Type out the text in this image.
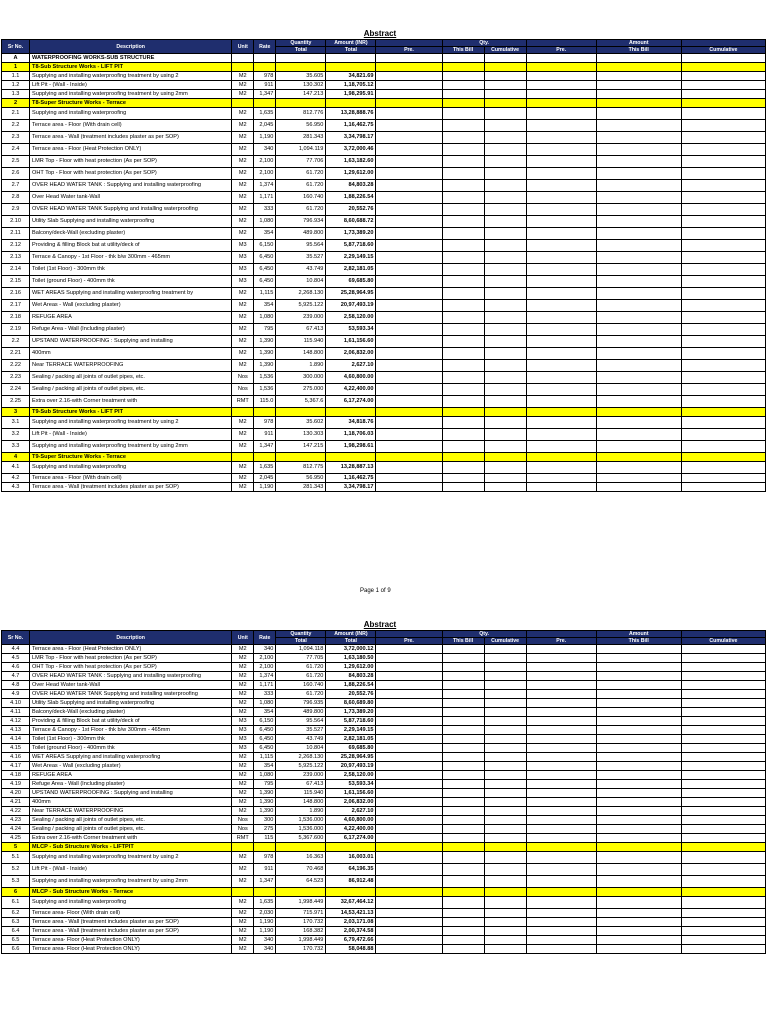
Abstract
Sr No.	Description	Unit	Rate	Quantity	Amount (INR)		Qty.			Amount	
				Total	Total	Pre.	This Bill	Cumulative	Pre.	This Bill	Cumulative
A	WATERPROOFING WORKS-SUB STRUCTURE										
1	T8-Sub Structure Works - LIFT PIT										
1.1	Supplying and installing waterproofing treatment by using 2	M2	978	35.605	34,821.69						
1.2	Lift Pit - (Wall - Inside)	M2	911	130.302	1,18,705.12						
1.3	Supplying and installing waterproofing treatment by using 2mm	M2	1,347	147.213	1,98,295.91						
2	T8-Super Structure Works - Terrace										
2.1	Supplying and installing waterproofing	M2	1,635	812.776	13,28,888.76						
2.2	Terrace area - Floor (With drain cell)	M2	2,045	56.950	1,16,462.75						
2.3	Terrace area - Wall (treatment includes plaster as per SOP)	M2	1,190	281.343	3,34,798.17						
2.4	Terrace area - Floor (Heat Protection ONLY)	M2	340	1,094.119	3,72,000.46						
2.5	LMR Top - Floor with heat protection (As per SOP)	M2	2,100	77.706	1,63,182.60						
2.6	OHT Top - Floor with heat protection (As per SOP)	M2	2,100	61.720	1,29,612.00						
2.7	OVER HEAD WATER TANK : Supplying and installing waterproofing	M2	1,374	61.720	84,803.28						
2.8	Over Head Water tank-Wall	M2	1,171	160.740	1,88,226.54						
2.9	OVER HEAD WATER TANK Supplying and installing waterproofing	M2	333	61.720	20,552.76						
2.10	Utility Slab Supplying and installing waterproofing	M2	1,080	796.934	8,60,688.72						
2.11	Balcony/deck-Wall (excluding plaster)	M2	354	489.800	1,73,389.20						
2.12	Providing & filling Block bat at utility/deck of	M3	6,150	95.564	5,87,718.60						
2.13	Terrace & Canopy - 1st Floor - thk b/w 300mm - 465mm	M3	6,450	35.527	2,29,149.15						
2.14	Toilet (1st Floor) - 300mm thk	M3	6,450	43.749	2,82,181.05						
2.15	Toilet (ground Floor) - 400mm thk	M3	6,450	10.804	69,685.80						
2.16	WET AREAS Supplying and installing waterproofing treatment by	M2	1,115	2,268.130	25,28,964.95						
2.17	Wet Areas - Wall (excluding plaster)	M2	354	5,925.122	20,97,493.19						
2.18	REFUGE AREA	M2	1,080	239.000	2,58,120.00						
2.19	Refuge Area - Wall (Including plaster)	M2	795	67.413	53,593.34						
2.2	UPSTAND WATERPROOFING : Supplying and installing	M2	1,390	115.940	1,61,156.60						
2.21	400mm	M2	1,390	148.800	2,06,832.00						
2.22	Near TERRACE WATERPROOFING	M2	1,390	1.890	2,627.10						
2.23	Sealing / packing all joints of outlet pipes, etc.	Nos	1,536	300.000	4,60,800.00						
2.24	Sealing / packing all joints of outlet pipes, etc.	Nos	1,536	275.000	4,22,400.00						
2.25	Extra over 2.16-with Corner treatment with	RMT	115.0	5,367.6	6,17,274.00						
3	T9-Sub Structure Works - LIFT PIT										
3.1	Supplying and installing waterproofing treatment by using 2	M2	978	35.602	34,818.76						
3.2	Lift Pit - (Wall - Inside)	M2	911	130.303	1,18,706.03						
3.3	Supplying and installing waterproofing treatment by using 2mm	M2	1,347	147.215	1,98,298.61						
4	T9-Super Structure Works - Terrace										
4.1	Supplying and installing waterproofing	M2	1,635	812.775	13,28,887.13						
4.2	Terrace area - Floor (With drain cell)	M2	2,045	56.950	1,16,462.75						
4.3	Terrace area - Wall (treatment includes plaster as per SOP)	M2	1,190	281.343	3,34,798.17						
Page 1 of 9
Abstract
Sr No.	Description	Unit	Rate	Quantity	Amount (INR)		Qty.			Amount	
				Total	Total	Pre.	This Bill	Cumulative	Pre.	This Bill	Cumulative
4.4	Terrace area - Floor (Heat Protection ONLY)	M2	340	1,094.118	3,72,000.12						
4.5	LMR Top - Floor with heat protection (As per SOP)	M2	2,100	77.705	1,63,180.50						
4.6	OHT Top - Floor with heat protection (As per SOP)	M2	2,100	61.720	1,29,612.00						
4.7	OVER HEAD WATER TANK : Supplying and installing waterproofing	M2	1,374	61.720	84,803.28						
4.8	Over Head Water tank-Wall	M2	1,171	160.740	1,88,226.54						
4.9	OVER HEAD WATER TANK Supplying and installing waterproofing	M2	333	61.720	20,552.76						
4.10	Utility Slab Supplying and installing waterproofing	M2	1,080	796.935	8,60,689.80						
4.11	Balcony/deck-Wall (excluding plaster)	M2	354	489.800	1,73,389.20						
4.12	Providing & filling Block bat at utility/deck of	M3	6,150	95.564	5,87,718.60						
4.13	Terrace & Canopy - 1st Floor - thk b/w 300mm - 465mm	M3	6,450	35.527	2,29,149.15						
4.14	Toilet (1st Floor) - 300mm thk	M3	6,450	43.749	2,82,181.05						
4.15	Toilet (ground Floor) - 400mm thk	M3	6,450	10.804	69,685.80						
4.16	WET AREAS Supplying and installing waterproofing	M2	1,115	2,268.130	25,28,964.95						
4.17	Wet Areas - Wall (excluding plaster)	M2	354	5,925.122	20,97,493.19						
4.18	REFUGE AREA	M2	1,080	239.000	2,58,120.00						
4.19	Refuge Area - Wall (Including plaster)	M2	795	67.413	53,593.34						
4.20	UPSTAND WATERPROOFING : Supplying and installing	M2	1,390	115.940	1,61,156.60						
4.21	400mm	M2	1,390	148.800	2,06,832.00						
4.22	Near TERRACE WATERPROOFING	M2	1,390	1.890	2,627.10						
4.23	Sealing / packing all joints of outlet pipes, etc.	Nos	300	1,536.000	4,60,800.00						
4.24	Sealing / packing all joints of outlet pipes, etc.	Nos	275	1,536.000	4,22,400.00						
4.25	Extra over 2.16-with Corner treatment with	RMT	115	5,367.600	6,17,274.00						
5	MLCP - Sub Structure Works - LIFTPIT										
5.1	Supplying and installing waterproofing treatment by using 2	M2	978	16.363	16,003.01						
5.2	Lift Pit - (Wall - Inside)	M2	911	70.468	64,196.35						
5.3	Supplying and installing waterproofing treatment by using 2mm	M2	1,347	64.523	86,912.48						
6	MLCP - Sub Structure Works - Terrace										
6.1	Supplying and installing waterproofing	M2	1,635	1,998.449	32,67,464.12						
6.2	Terrace area- Floor (With drain cell)	M2	2,030	715.971	14,53,421.13						
6.3	Terrace area - Wall (treatment includes plaster as per SOP)	M2	1,190	170.732	2,03,171.08						
6.4	Terrace area - Wall (treatment includes plaster as per SOP)	M2	1,190	168.382	2,00,374.58						
6.5	Terrace area- Floor (Heat Protection ONLY)	M2	340	1,998.449	6,79,472.66						
6.6	Terrace area- Floor (Heat Protection ONLY)	M2	340	170.732	58,048.88						
